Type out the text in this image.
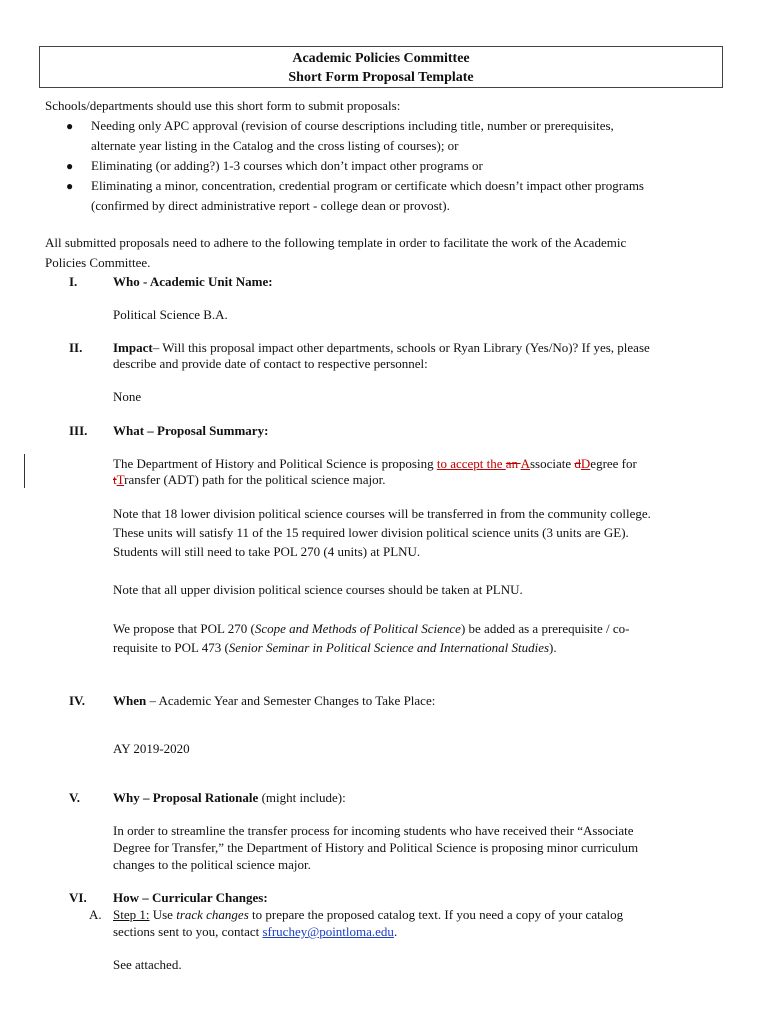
Academic Policies Committee
Short Form Proposal Template
Schools/departments should use this short form to submit proposals:
● Needing only APC approval (revision of course descriptions including title, number or prerequisites,
alternate year listing in the Catalog and the cross listing of courses); or
● Eliminating (or adding?) 1-3 courses which don’t impact other programs or
● Eliminating a minor, concentration, credential program or certificate which doesn’t impact other programs
(confirmed by direct administrative report - college dean or provost).
All submitted proposals need to adhere to the following template in order to facilitate the work of the Academic
Policies Committee.
I.	Who - Academic Unit Name:
Political Science B.A.
II. Impact– Will this proposal impact other departments, schools or Ryan Library (Yes/No)? If yes, please
describe and provide date of contact to respective personnel:
None
III. What – Proposal Summary:
The Department of History and Political Science is proposing to accept the an Associate dDegree for
tTransfer (ADT) path for the political science major.
Note that 18 lower division political science courses will be transferred in from the community college.
These units will satisfy 11 of the 15 required lower division political science units (3 units are GE).
Students will still need to take POL 270 (4 units) at PLNU.
Note that all upper division political science courses should be taken at PLNU.
We propose that POL 270 (Scope and Methods of Political Science) be added as a prerequisite / co-
requisite to POL 473 (Senior Seminar in Political Science and International Studies).
IV. When – Academic Year and Semester Changes to Take Place:
AY 2019-2020
V.	Why – Proposal Rationale (might include):
In order to streamline the transfer process for incoming students who have received their “Associate
Degree for Transfer,” the Department of History and Political Science is proposing minor curriculum
changes to the political science major.
VI. How – Curricular Changes:
A. Step 1: Use track changes to prepare the proposed catalog text. If you need a copy of your catalog
sections sent to you, contact sfruchey@pointloma.edu.
See attached.
